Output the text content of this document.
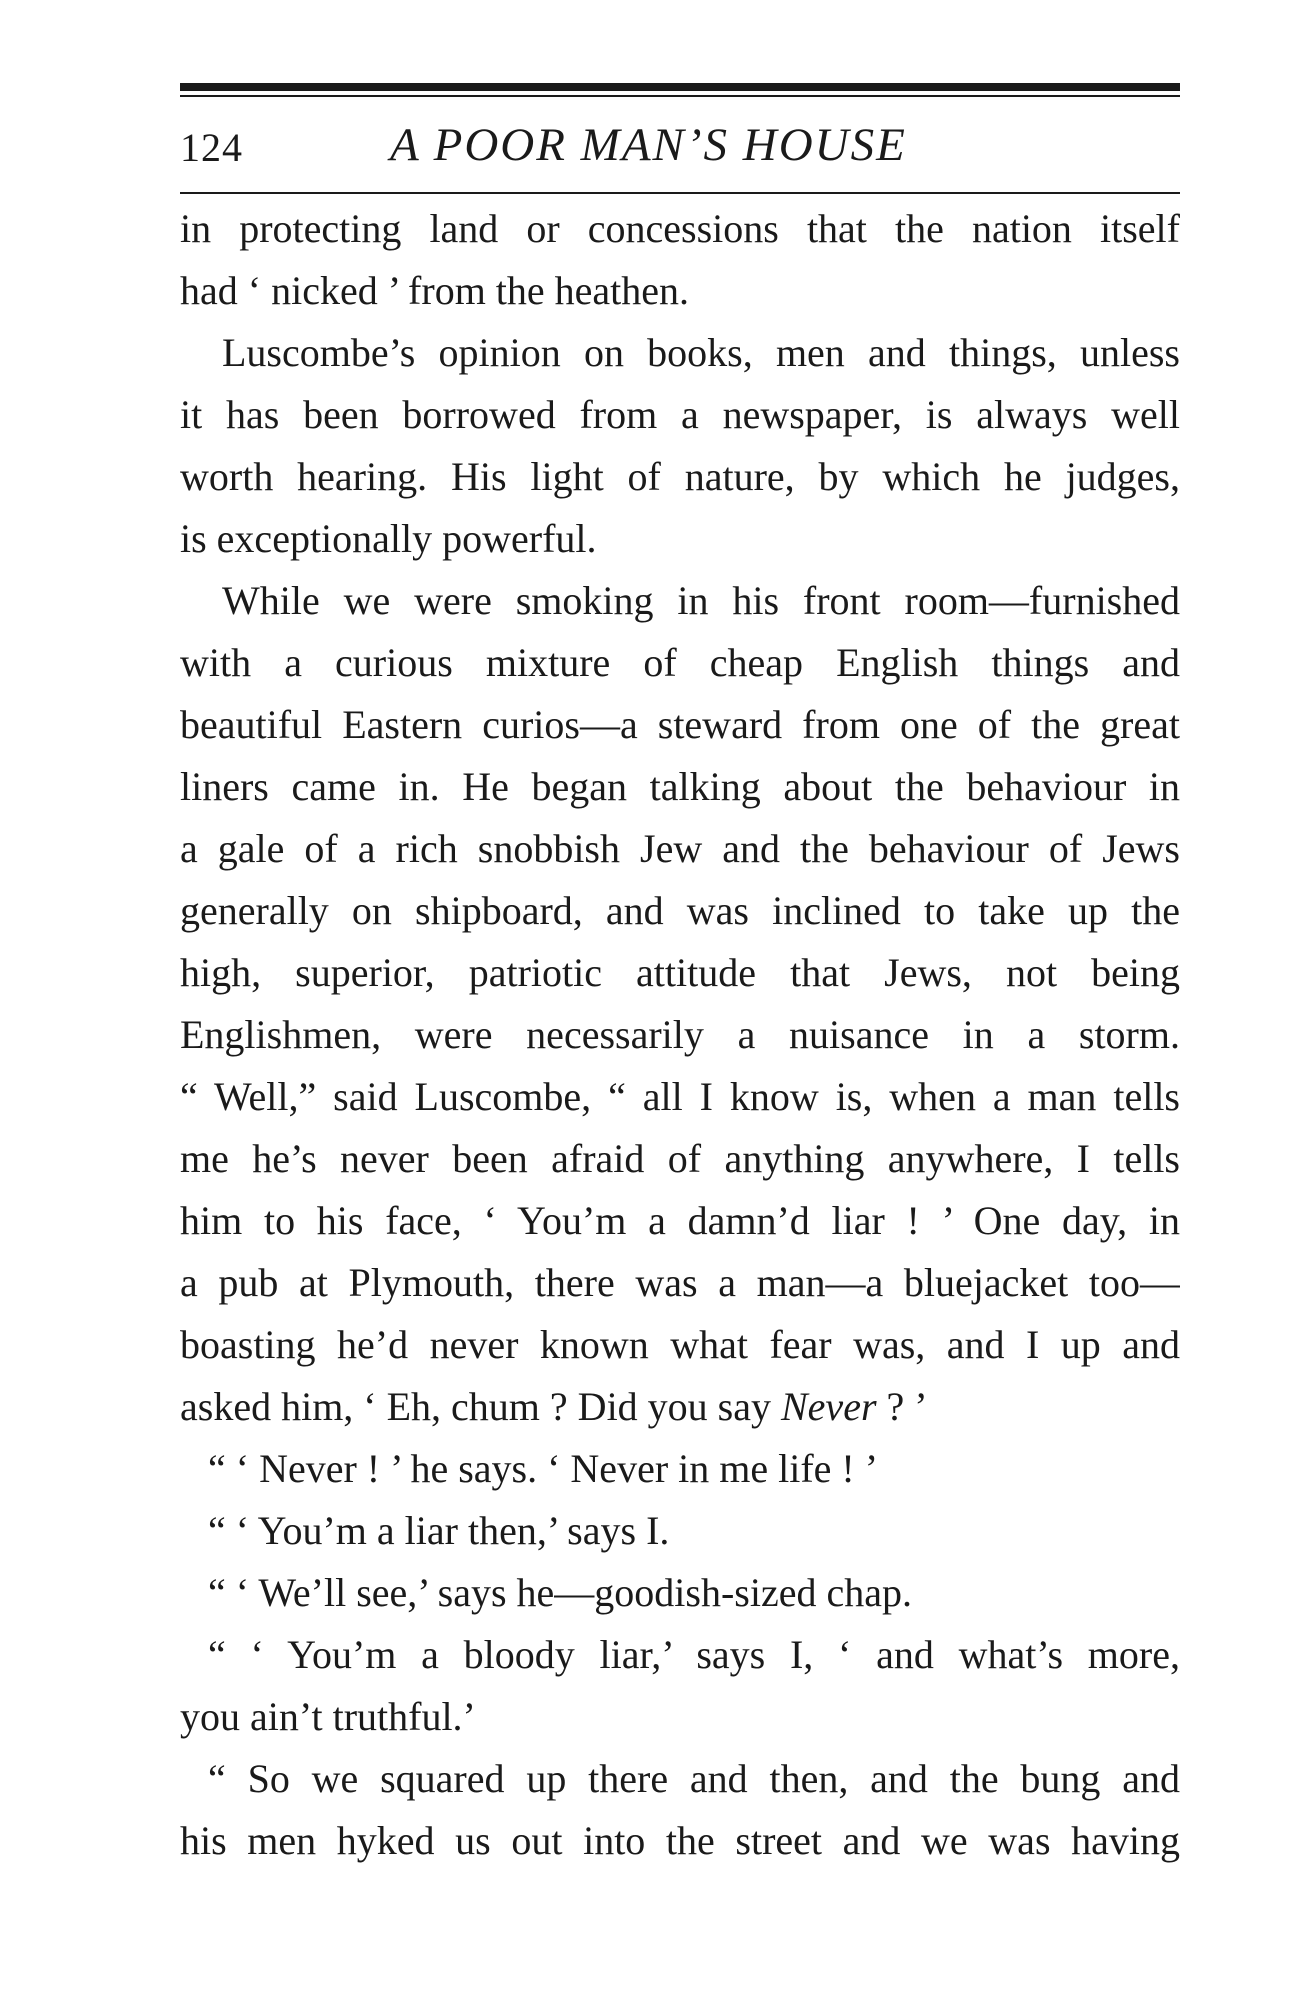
124	A POOR MAN’S HOUSE
in protecting land or concessions that the nation itself
had ‘ nicked ’ from the heathen.
Luscombe’s opinion on books, men and things, unless
it has been borrowed from a newspaper, is always well
worth hearing. His light of nature, by which he judges,
is exceptionally powerful.
While we were smoking in his front room—furnished
with a curious mixture of cheap English things and
beautiful Eastern curios—a steward from one of the great
liners came in. He began talking about the behaviour in
a gale of a rich snobbish Jew and the behaviour of Jews
generally on shipboard, and was inclined to take up the
high, superior, patriotic attitude that Jews, not being
Englishmen, were necessarily a nuisance in a storm.
“ Well,” said Luscombe, “ all I know is, when a man tells
me he’s never been afraid of anything anywhere, I tells
him to his face, ‘ You’m a damn’d liar ! ’ One day, in
a pub at Plymouth, there was a man—a bluejacket too—
boasting he’d never known what fear was, and I up and
asked him, ‘ Eh, chum ? Did you say Never ? ’
“ ‘ Never ! ’ he says. ‘ Never in me life ! ’
“ ‘ You’m a liar then,’ says I.
“ ‘ We’ll see,’ says he—goodish-sized chap.
“ ‘ You’m a bloody liar,’ says I, ‘ and what’s more,
you ain’t truthful.’
“ So we squared up there and then, and the bung and
his men hyked us out into the street and we was having
